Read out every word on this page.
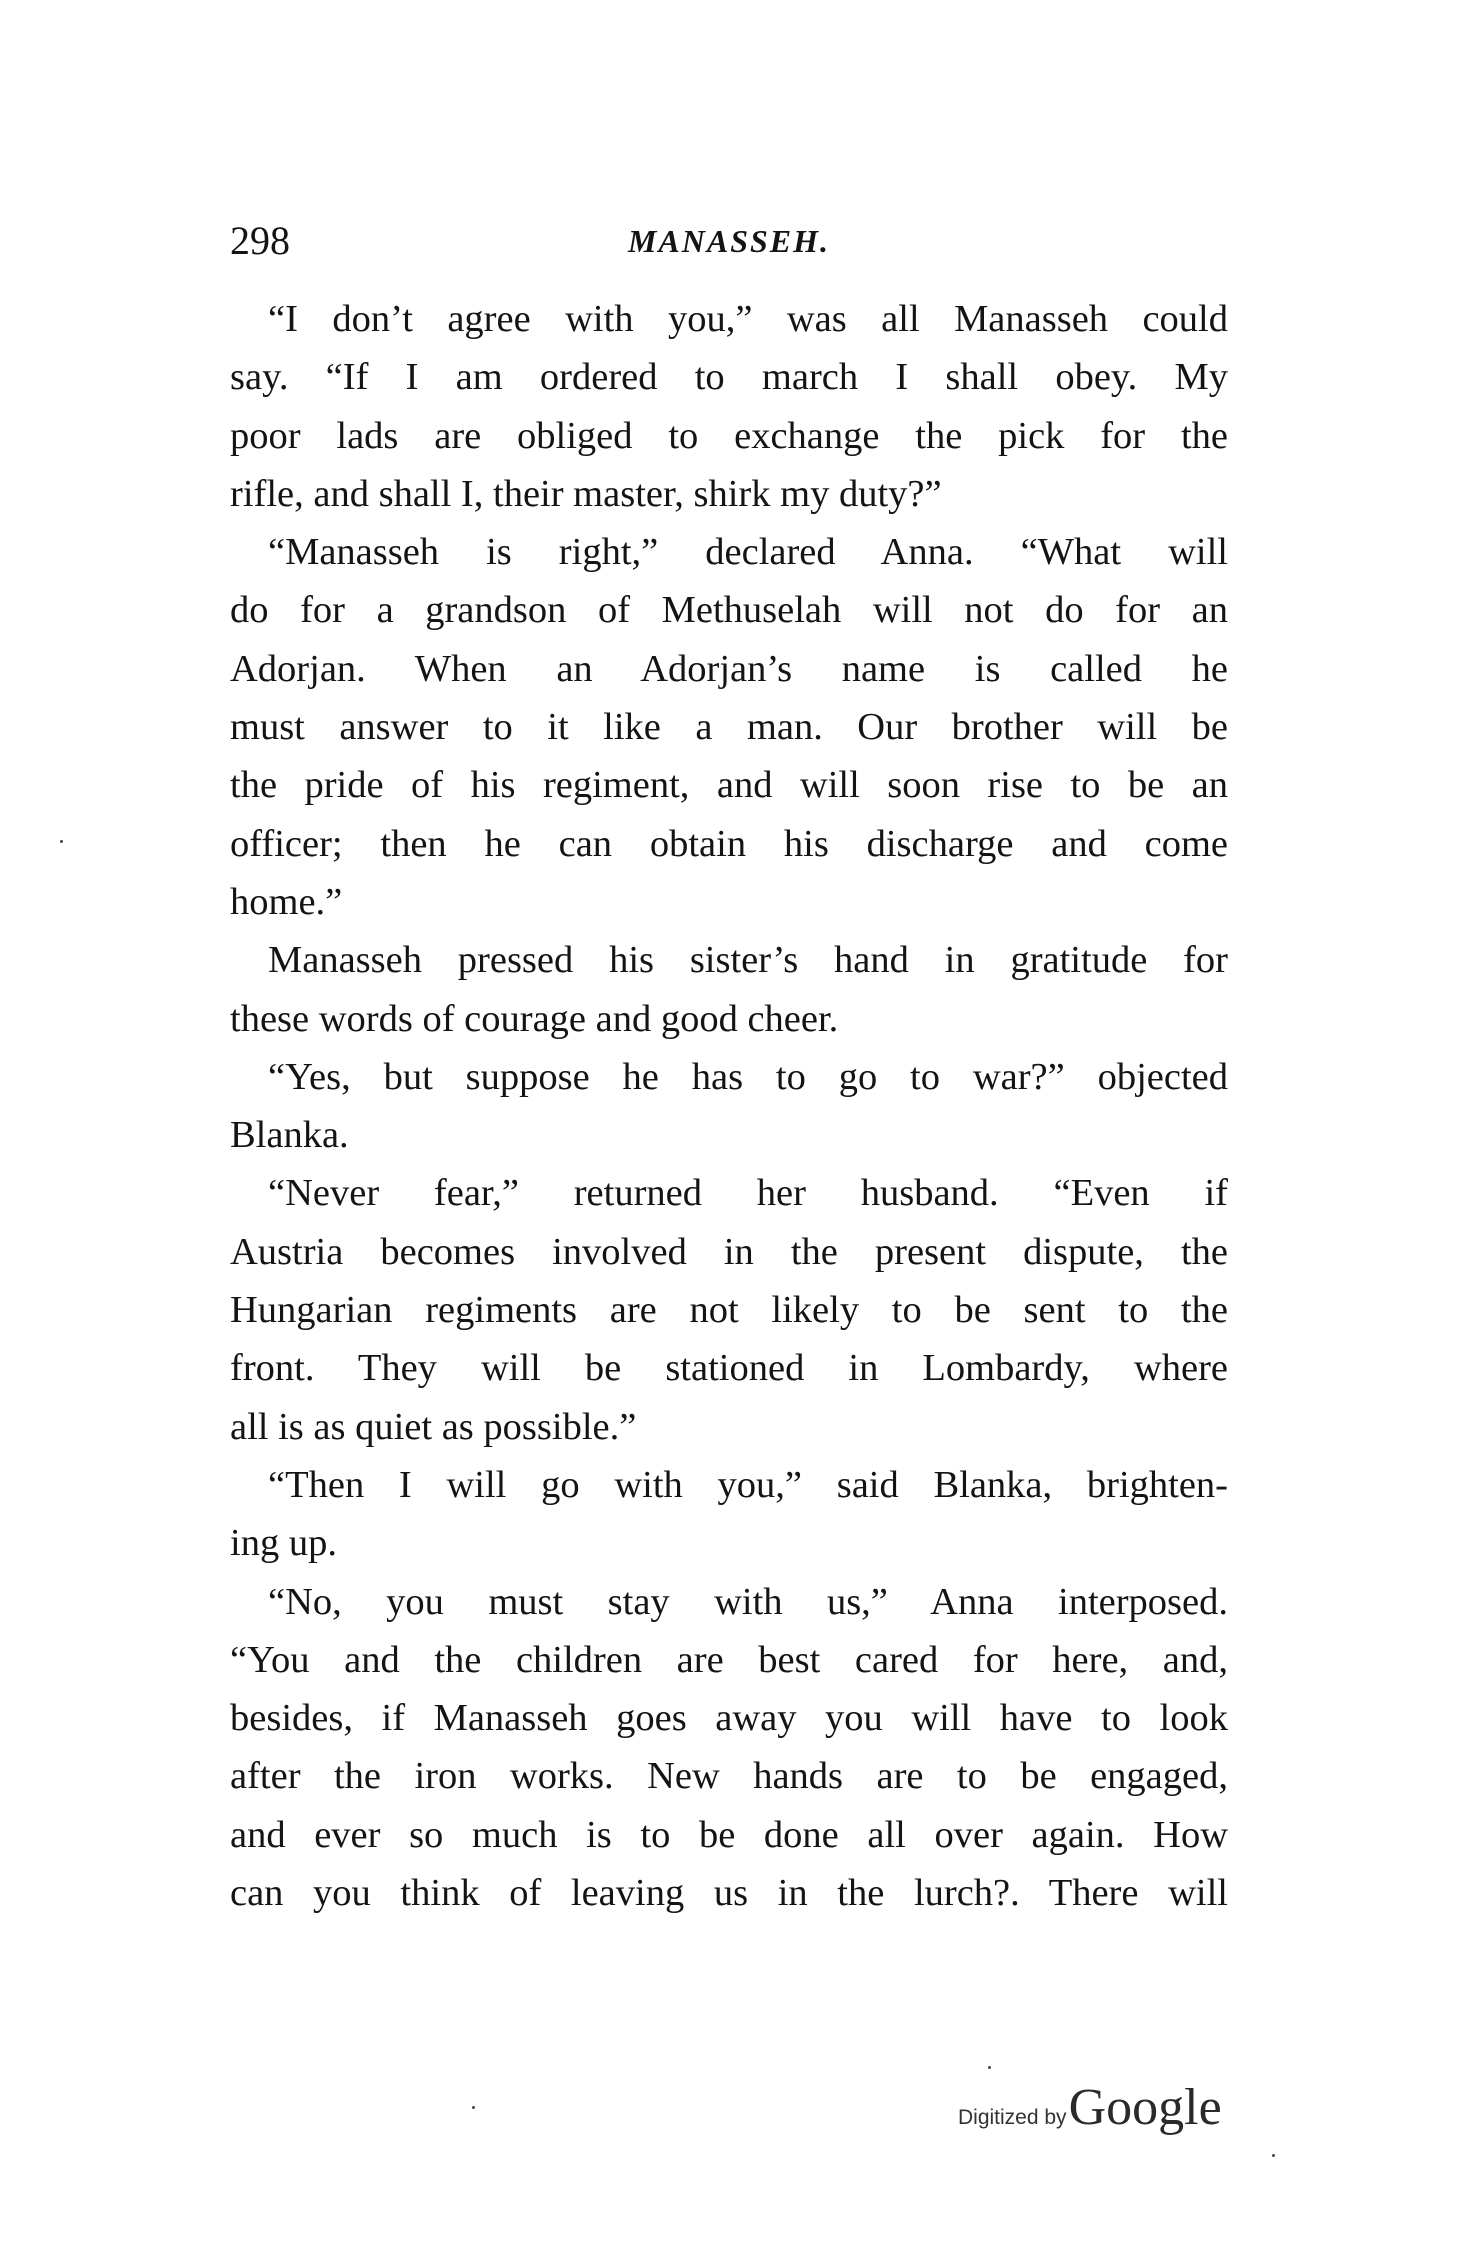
298	MANASSEH.
“I don’t agree with you,” was all Manasseh could
say. “If I am ordered to march I shall obey. My
poor lads are obliged to exchange the pick for the
rifle, and shall I, their master, shirk my duty?”
“Manasseh is right,” declared Anna. “What will
do for a grandson of Methuselah will not do for an
Adorjan. When an Adorjan’s name is called he
must answer to it like a man. Our brother will be
the pride of his regiment, and will soon rise to be an
officer; then he can obtain his discharge and come
home.”
Manasseh pressed his sister’s hand in gratitude for
these words of courage and good cheer.
“Yes, but suppose he has to go to war?” objected
Blanka.
“Never fear,” returned her husband. “Even if
Austria becomes involved in the present dispute, the
Hungarian regiments are not likely to be sent to the
front. They will be stationed in Lombardy, where
all is as quiet as possible.”
“Then I will go with you,” said Blanka, brighten-
ing up.
“No, you must stay with us,” Anna interposed.
“You and the children are best cared for here, and,
besides, if Manasseh goes away you will have to look
after the iron works. New hands are to be engaged,
and ever so much is to be done all over again. How
can you think of leaving us in the lurch?. There will
Digitized byGoogle
